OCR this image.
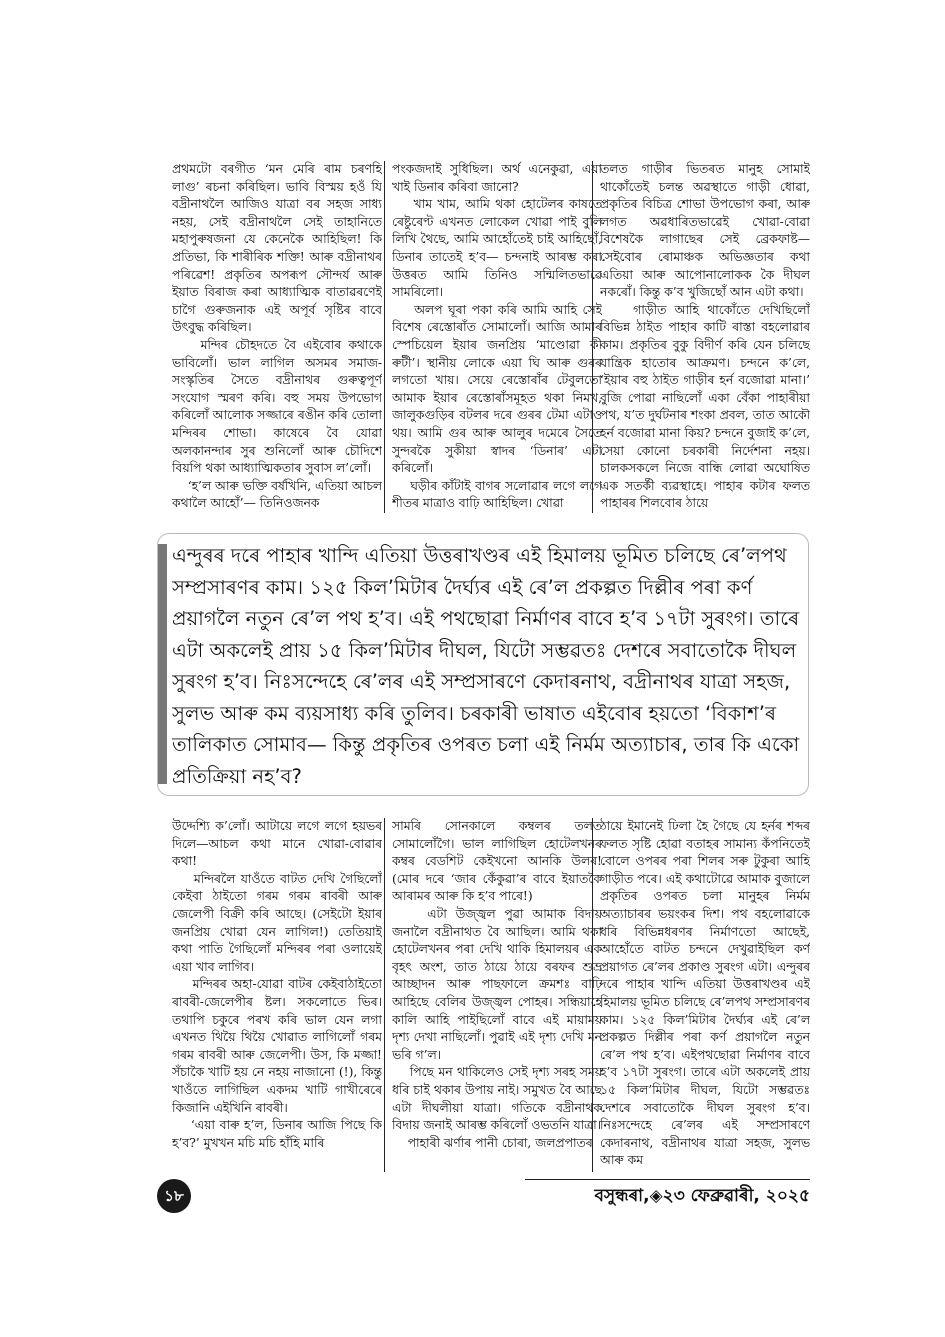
প্ৰথমটো বৰগীত ‘মন মেৰি ৰাম চৰণহি লাগু’ ৰচনা কৰিছিল। ভাবি বিস্ময় হওঁ যি বদ্ৰীনাথলৈ আজিও যাত্ৰা বৰ সহজ সাধ্য নহয়, সেই বদ্ৰীনাথলৈ সেই তাহানিতে মহাপুৰুষজনা যে কেনেকৈ আহিছিল! কি প্ৰতিভা, কি শাৰীৰিক শক্তি! আৰু বদ্ৰীনাথৰ পৰিৱেশ! প্ৰকৃতিৰ অপৰূপ সৌন্দৰ্য আৰু ইয়াত বিৰাজ কৰা আধ্যাত্মিক বাতাৱৰণেই চাগৈ গুৰুজনাক এই অপূৰ্ব সৃষ্টিৰ বাবে উৎবুদ্ধ কৰিছিল।
মন্দিৰ চৌহদতে বৈ এইবোৰ কথাকে ভাবিলোঁ। ভাল লাগিল অসমৰ সমাজ-সংস্কৃতিৰ সৈতে বদ্ৰীনাথৰ গুৰুত্বপূৰ্ণ সংযোগ স্মৰণ কৰি। বহু সময় উপভোগ কৰিলোঁ আলোক সজ্জাৰে ৰঙীন কৰি তোলা মন্দিৰৰ শোভা। কাষেৰে বৈ যোৱা অলকানন্দাৰ সুৰ শুনিলোঁ আৰু চৌদিশে বিয়পি থকা আধ্যাত্মিকতাৰ সুবাস ল’লোঁ।
‘হ’ল আৰু ভক্তি বৰ্ষখিনি, এতিয়া আচল কথালৈ আহোঁ’— তিনিওজনক
পংকজদাই সুধিছিল। অৰ্থ এনেকুৱা, এয়া খাই ডিনাৰ কৰিবা জানো?
খাম খাম, আমি থকা হোটেলৰ কাষতে ৰেষ্টুৰেণ্ট এখনত লোকেল খোৱা পাই বুলি লিখি থৈছে, আমি আহোঁতেই চাই আহিছোঁ, ডিনাৰ তাতেই হ’ব— চন্দনাই আৰম্ভ কৰা উত্তৰত আমি তিনিও সন্মিলিতভাৱে সামৰিলো।
অলপ ঘূৰা পকা কৰি আমি আহি সেই বিশেষ ৰেস্তোৰাঁত সোমালোঁ। আজি আমাৰ স্পেচিয়েল ইয়াৰ জনপ্ৰিয় ‘মাণ্ডোৱা কী ৰুটী’। স্থানীয় লোকে এয়া ঘি আৰু গুৰৰ লগতো খায়। সেয়ে ৰেস্তোৰাঁৰ টেবুলতো আমাক ইয়াৰ ৰেস্তোৰাঁসমূহত থকা নিমখ, জালুকগুড়িৰ বটলৰ দৰে গুৰৰ টেমা এটাও থয়। আমি গুৰ আৰু আলুৰ দমেৰে সৈতে সুন্দৰকৈ সুকীয়া স্বাদৰ ‘ডিনাৰ’ এটা কৰিলোঁ।
ঘড়ীৰ কাঁটাই বাগৰ সলোৱাৰ লগে লগে শীতৰ মাত্ৰাও বাঢ়ি আহিছিল। খোৱা
তলত গাড়ীৰ ভিতৰত মানুহ সোমাই থাকোঁতেই চলন্ত অৱস্থাতে গাড়ী ধোৱা, প্ৰকৃতিৰ বিচিত্ৰ শোভা উপভোগ কৰা, আৰু লগত অৱধাৰিতভাৱেই খোৱা-বোৱা বিশেষকৈ লাগাছেৰ সেই ব্ৰেকফাষ্ট— সেইবোৰ ৰোমাঞ্চক অভিজ্ঞতাৰ কথা এতিয়া আৰু আপোনালোকক কৈ দীঘল নকৰোঁ। কিন্তু ক’ব খুজিছোঁ আন এটা কথা।
গাড়ীত আহি থাকোঁতে দেখিছিলোঁ বিভিন্ন ঠাইত পাহাৰ কাটি ৰাস্তা বহলোৱাৰ কাম। প্ৰকৃতিৰ বুকু বিদীৰ্ণ কৰি যেন চলিছে যান্ত্ৰিক হাতোৰ আক্ৰমণ। চন্দনে ক’লে, ‘ইয়াৰ বহু ঠাইত গাড়ীৰ হৰ্ন বজোৱা মানা।’ বুজি পোৱা নাছিলোঁ একা বেঁকা পাহাৰীয়া পথ, য’ত দুৰ্ঘটনাৰ শংকা প্ৰবল, তাত আকৌ হৰ্ন বজোৱা মানা কিয়? চন্দনে বুজাই ক’লে, সেয়া কোনো চৰকাৰী নিৰ্দেশনা নহয়। চালকসকলে নিজে বান্ধি লোৱা অঘোষিত এক সতৰ্কী ব্যৱস্থাহে। পাহাৰ কটাৰ ফলত পাহাৰৰ শিলবোৰ ঠায়ে
এন্দুৰৰ দৰে পাহাৰ খান্দি এতিয়া উত্তৰাখণ্ডৰ এই হিমালয় ভূমিত চলিছে ৰে’লপথ সম্প্ৰসাৰণৰ কাম। ১২৫ কিল’মিটাৰ দৈৰ্ঘ্যৰ এই ৰে’ল প্ৰকল্পত দিল্লীৰ পৰা কৰ্ণ প্ৰয়াগলৈ নতুন ৰে’ল পথ হ’ব। এই পথছোৱা নিৰ্মাণৰ বাবে হ’ব ১৭টা সুৰংগ। তাৰে এটা অকলেই প্ৰায় ১৫ কিল’মিটাৰ দীঘল, যিটো সম্ভৱতঃ দেশৰে সবাতোকৈ দীঘল সুৰংগ হ’ব। নিঃসন্দেহে ৰে’লৰ এই সম্প্ৰসাৰণে কেদাৰনাথ, বদ্ৰীনাথৰ যাত্ৰা সহজ, সুলভ আৰু কম ব্যয়সাধ্য কৰি তুলিব। চৰকাৰী ভাষাত এইবোৰ হয়তো ‘বিকাশ’ৰ তালিকাত সোমাব— কিন্তু প্ৰকৃতিৰ ওপৰত চলা এই নিৰ্মম অত্যাচাৰ, তাৰ কি একো প্ৰতিক্ৰিয়া নহ’ব?
উদ্দেশ্যি ক’লোঁ। আটায়ে লগে লগে হয়ভৰ দিলে—আচল কথা মানে খোৱা-বোৱাৰ কথা!
মন্দিৰলৈ যাওঁতে বাটত দেখি গৈছিলোঁ কেইবা ঠাইতো গৰম গৰম ৰাবৰী আৰু জেলেপী বিক্ৰী কৰি আছে। (সেইটো ইয়াৰ জনপ্ৰিয় খোৱা যেন লাগিল!) তেতিয়াই কথা পাতি গৈছিলোঁ মন্দিৰৰ পৰা ওলায়েই এয়া খাব লাগিব।
মন্দিৰৰ অহা-যোৱা বাটৰ কেইবাঠাইতো ৰাবৰী-জেলেপীৰ ষ্টল। সকলোতে ভিৰ। তথাপি চকুৰে পৰখ কৰি ভাল যেন লগা এখনত থিয়ৈ থিয়ৈ খোৱাত লাগিলোঁ গৰম গৰম ৰাবৰী আৰু জেলেপী। উস, কি মজ্জা! সঁচাকৈ খাটি হয় নে নহয় নাজানো (!), কিন্তু খাওঁতে লাগিছিল একদম খাটি গাখীৰেৰে কিজানি এইখিনি ৰাবৰী।
‘এয়া বাৰু হ’ল, ডিনাৰ আজি পিছে কি হ’ব?’ মুখখন মচি মচি হাঁহি মাৰি
সামৰি সোনকালে কম্বলৰ তলত সোমালোঁগৈ। ভাল লাগিছিল হোটেলখনৰ কম্বৰ বেডশিট কেইখনো আনকি উলৰ! (মোৰ দৰে ‘জাৰ কেঁকুৱা’ৰ বাবে ইয়াতকৈ আৰামৰ আৰু কি হ’ব পাৰে!)
এটা উজ্জ্বল পুৱা আমাক বিদায় জনালৈ বদ্ৰীনাথত বৈ আছিল। আমি থকা হোটেলখনৰ পৰা দেখি থাকি হিমালয়ৰ এক বৃহৎ অংশ, তাত ঠায়ে ঠায়ে বৰফৰ শুভ্ৰ আচ্ছাদন আৰু পাছফালে ক্ৰমশঃ বাঢ়ি আহিছে বেলিৰ উজ্জ্বল পোহৰ। সন্ধিয়াহে কালি আহি পাইছিলোঁ বাবে এই মায়াময় দৃশ্য দেখা নাছিলোঁ। পুৱাই এই দৃশ্য দেখি মন ভৰি গ’ল।
পিছে মন থাকিলেও সেই দৃশ্য সৰহ সময় ধৰি চাই থকাৰ উপায় নাই। সমুখত বৈ আছে এটা দীঘলীয়া যাত্ৰা। গতিকে বদ্ৰীনাথক বিদায় জনাই আৰম্ভ কৰিলোঁ ওভতনি যাত্ৰা।
পাহাৰী ঝৰ্ণাৰ পানী চোৰা, জলপ্ৰপাতৰ
ঠায়ে ইমানেই ঢিলা হৈ গৈছে যে হৰ্নৰ শব্দৰ ফলত সৃষ্টি হোৱা বতাহৰ সামান্য কঁপনিতেই বোলে ওপৰৰ পৰা শিলৰ সৰু টুকুৰা আহি গাড়ীত পৰে। এই কথাটোৱে আমাক বুজালে প্ৰকৃতিৰ ওপৰত চলা মানুহৰ নিৰ্মম অত্যাচাৰৰ ভয়ংকৰ দিশ। পথ বহলোৱাকে ধৰি বিভিন্নধৰণৰ নিৰ্মাণতো আছেই, আহোঁতে বাটত চন্দনে দেখুৱাইছিল কৰ্ণ প্ৰয়াগত ৰে’লৰ প্ৰকাণ্ড সুৰংগ এটা। এন্দুৰৰ দৰে পাহাৰ খান্দি এতিয়া উত্তৰাখণ্ডৰ এই হিমালয় ভূমিত চলিছে ৰে’লপথ সম্প্ৰসাৰণৰ কাম। ১২৫ কিল’মিটাৰ দৈৰ্ঘ্যৰ এই ৰে’ল প্ৰকল্পত দিল্লীৰ পৰা কৰ্ণ প্ৰয়াগলৈ নতুন ৰে’ল পথ হ’ব। এইপথছোৱা নিৰ্মাণৰ বাবে হ’ব ১৭টা সুৰংগ। তাৰে এটা অকলেই প্ৰায় ১৫ কিল’মিটাৰ দীঘল, যিটো সম্ভৱতঃ দেশৰে সবাতোকৈ দীঘল সুৰংগ হ’ব। নিঃসন্দেহে ৰে’লৰ এই সম্প্ৰসাৰণে কেদাৰনাথ, বদ্ৰীনাথৰ যাত্ৰা সহজ, সুলভ আৰু কম
১৮	বসুন্ধৰা,◈২৩ ফেব্ৰুৱাৰী, ২০২৫
